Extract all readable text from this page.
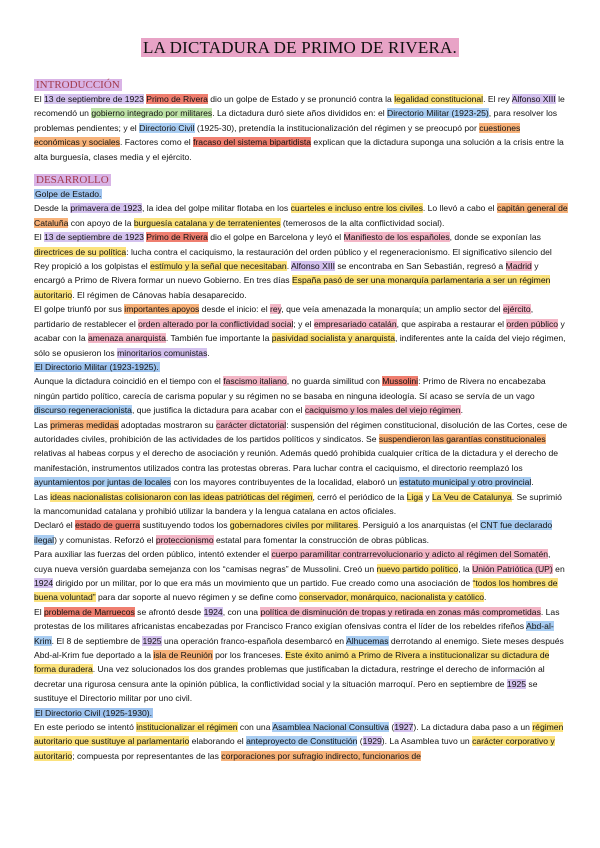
LA DICTADURA DE PRIMO DE RIVERA.

INTRODUCCIÓN

El 13 de septiembre de 1923 Primo de Rivera dio un golpe de Estado y se pronunció contra la legalidad constitucional. El rey Alfonso XIII le recomendó un gobierno integrado por militares. La dictadura duró siete años divididos en: el Directorio Militar (1923-25), para resolver los problemas pendientes; y el Directorio Civil (1925-30), pretendía la institucionalización del régimen y se preocupó por cuestiones económicas y sociales. Factores como el fracaso del sistema bipartidista explican que la dictadura suponga una solución a la crisis entre la alta burguesía, clases media y el ejército.

DESARROLLO

Golpe de Estado.

Desde la primavera de 1923, la idea del golpe militar flotaba en los cuarteles e incluso entre los civiles. Lo llevó a cabo el capitán general de Cataluña con apoyo de la burguesía catalana y de terratenientes (temerosos de la alta conflictividad social).

El 13 de septiembre de 1923 Primo de Rivera dio el golpe en Barcelona y leyó el Manifiesto de los españoles, donde se exponían las directrices de su política: lucha contra el caciquismo, la restauración del orden público y el regeneracionismo. El significativo silencio del Rey propició a los golpistas el estímulo y la señal que necesitaban. Alfonso XIII se encontraba en San Sebastián, regresó a Madrid y encargó a Primo de Rivera formar un nuevo Gobierno. En tres días España pasó de ser una monarquía parlamentaria a ser un régimen autoritario. El régimen de Cánovas había desaparecido.

El golpe triunfó por sus importantes apoyos desde el inicio: el rey, que veía amenazada la monarquía; un amplio sector del ejército, partidario de restablecer el orden alterado por la conflictividad social; y el empresariado catalán, que aspiraba a restaurar el orden público y acabar con la amenaza anarquista. También fue importante la pasividad socialista y anarquista, indiferentes ante la caída del viejo régimen, sólo se opusieron los minoritarios comunistas.

El Directorio Militar (1923-1925).

Aunque la dictadura coincidió en el tiempo con el fascismo italiano, no guarda similitud con Mussolini: Primo de Rivera no encabezaba ningún partido político, carecía de carisma popular y su régimen no se basaba en ninguna ideología. Sí acaso se servía de un vago discurso regeneracionista, que justifica la dictadura para acabar con el caciquismo y los males del viejo régimen.

Las primeras medidas adoptadas mostraron su carácter dictatorial: suspensión del régimen constitucional, disolución de las Cortes, cese de autoridades civiles, prohibición de las actividades de los partidos políticos y sindicatos. Se suspendieron las garantías constitucionales relativas al habeas corpus y el derecho de asociación y reunión. Además quedó prohibida cualquier crítica de la dictadura y el derecho de manifestación, instrumentos utilizados contra las protestas obreras. Para luchar contra el caciquismo, el directorio reemplazó los ayuntamientos por juntas de locales con los mayores contribuyentes de la localidad, elaboró un estatuto municipal y otro provincial.

Las ideas nacionalistas colisionaron con las ideas patrióticas del régimen, cerró el periódico de la Liga y La Veu de Catalunya. Se suprimió la mancomunidad catalana y prohibió utilizar la bandera y la lengua catalana en actos oficiales.

Declaró el estado de guerra sustituyendo todos los gobernadores civiles por militares. Persiguió a los anarquistas (el CNT fue declarado ilegal) y comunistas. Reforzó el proteccionismo estatal para fomentar la construcción de obras públicas.

Para auxiliar las fuerzas del orden público, intentó extender el cuerpo paramilitar contrarrevolucionario y adicto al régimen del Somatén, cuya nueva versión guardaba semejanza con los “camisas negras” de Mussolini. Creó un nuevo partido político, la Unión Patriótica (UP) en 1924 dirigido por un militar, por lo que era más un movimiento que un partido. Fue creado como una asociación de “todos los hombres de buena voluntad” para dar soporte al nuevo régimen y se define como conservador, monárquico, nacionalista y católico.

El problema de Marruecos se afrontó desde 1924, con una política de disminución de tropas y retirada en zonas más comprometidas. Las protestas de los militares africanistas encabezadas por Francisco Franco exigían ofensivas contra el líder de los rebeldes rifeños Abd-al-Krim. El 8 de septiembre de 1925 una operación franco-española desembarcó en Alhucemas derrotando al enemigo. Siete meses después Abd-al-Krim fue deportado a la isla de Reunión por los franceses. Este éxito animó a Primo de Rivera a institucionalizar su dictadura de forma duradera. Una vez solucionados los dos grandes problemas que justificaban la dictadura, restringe el derecho de información al decretar una rigurosa censura ante la opinión pública, la conflictividad social y la situación marroquí. Pero en septiembre de 1925 se sustituye el Directorio militar por uno civil.

El Directorio Civil (1925-1930).

En este periodo se intentó institucionalizar el régimen con una Asamblea Nacional Consultiva (1927). La dictadura daba paso a un régimen autoritario que sustituye al parlamentario elaborando el anteproyecto de Constitución (1929). La Asamblea tuvo un carácter corporativo y autoritario; compuesta por representantes de las corporaciones por sufragio indirecto, funcionarios de
